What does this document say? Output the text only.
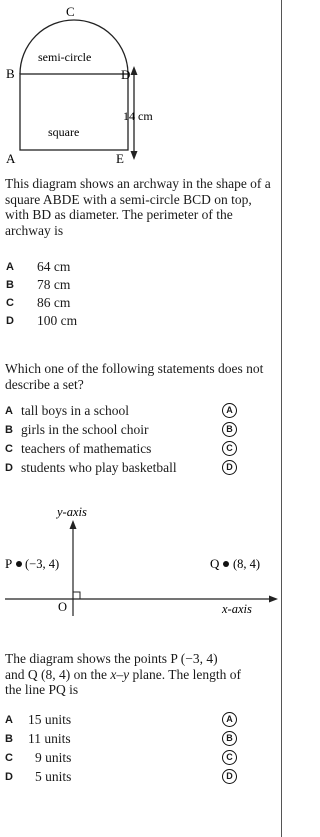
C
B	D
A	E
semi-circle
square
14 cm
This diagram shows an archway in the shape of a square ABDE with a semi-circle BCD on top, with BD as diameter. The perimeter of the archway is
A 64 cm
B 78 cm
C 86 cm
D 100 cm
Which one of the following statements does not describe a set?
A tall boys in a school	A
B girls in the school choir	B
C teachers of mathematics	C
D students who play basketball	D
y-axis
x-axis
O
P (−3, 4)	Q (8, 4)
The diagram shows the points P (−3, 4)
and Q (8, 4) on the x–y plane. The length of
the line PQ is
A 15 units	A
B 11 units	B
C 9 units	C
D 5 units	D
